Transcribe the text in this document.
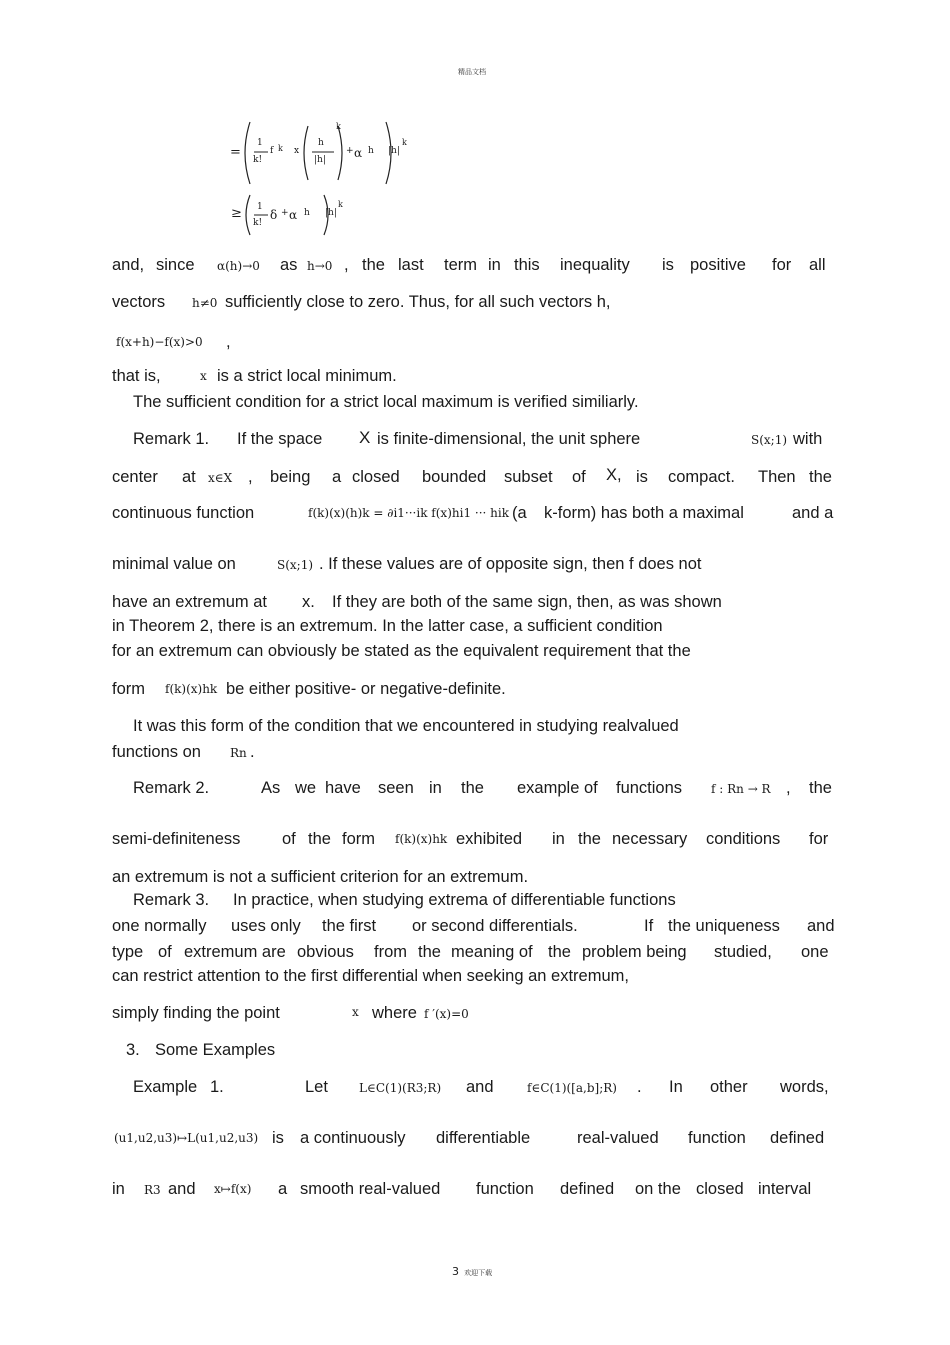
精品文档
=
1
k!
f k x
h
|h|
k
+ α h |h|
k
≥ 1
k!
δ + α h |h|
k
and, since α(h)→0 as h→0 , the last term in this inequality is positive for all
vectors h≠0 sufficiently close to zero. Thus, for all such vectors h,
f(x+h)−f(x)>0 ,
that is,	x is a strict local minimum.
The sufficient condition for a strict local maximum is verified similiarly.
Remark 1. If the space X is finite-dimensional, the unit sphere	S(x;1) with
center at x∈X , being a closed bounded subset of X, is compact. Then the
continuous function	f(k)(x)(h)k = ∂i1···ik f(x)hi1 ··· hik (a k-form) has both a maximal	and a
minimal value on	S(x;1) . If these values are of opposite sign, then f does not
have an extremum at x. If they are both of the same sign, then, as was shown
in Theorem 2, there is an extremum. In the latter case, a sufficient condition
for an extremum can obviously be stated as the equivalent requirement that the
form f(k)(x)hk be either positive- or negative-definite.
It was this form of the condition that we encountered in studying realvalued
functions on Rn .
Remark 2.	As we have seen in the example of functions f : Rn → R , the
semi-definiteness	of the form f(k)(x)hk exhibited in the necessary conditions for
an extremum is not a sufficient criterion for an extremum.
Remark 3. In practice, when studying extrema of differentiable functions
one normally uses only the first or second differentials.	If the uniqueness and
type of extremum are obvious from the meaning of the problem being studied, one
can restrict attention to the first differential when seeking an extremum,
simply finding the point	x where f ′(x)=0
3. Some Examples
Example 1.	Let	L∈C(1)(R3;R) and	f∈C(1)([a,b];R) . In other words,
(u1,u2,u3)↦L(u1,u2,u3) is a continuously differentiable	real-valued function defined
in R3 and x↦f(x) a smooth real-valued function defined on the closed interval
3 欢迎下载
